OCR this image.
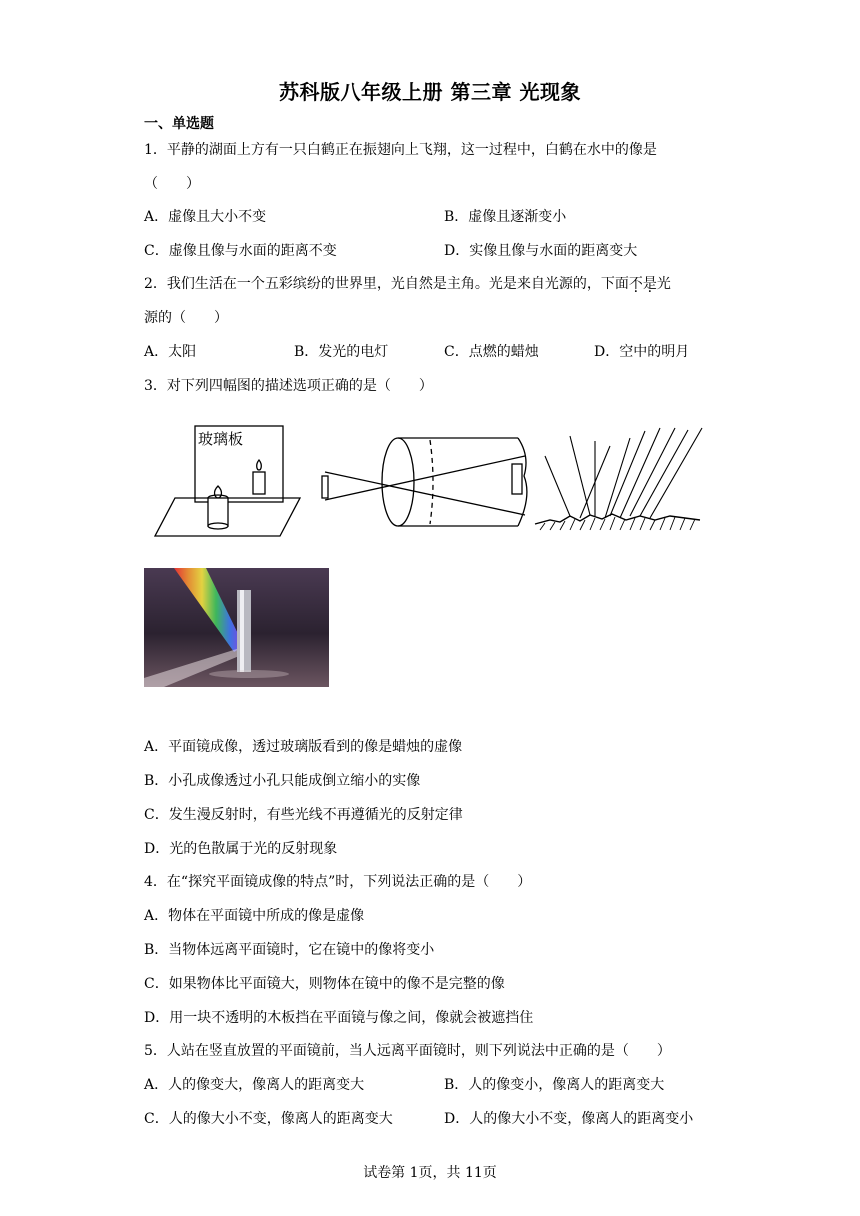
苏科版八年级上册 第三章 光现象
一、单选题
1．平静的湖面上方有一只白鹤正在振翅向上飞翔，这一过程中，白鹤在水中的像是
（　　）
A．虚像且大小不变	B．虚像且逐渐变小
C．虚像且像与水面的距离不变	D．实像且像与水面的距离变大
2．我们生活在一个五彩缤纷的世界里，光自然是主角。光是来自光源的，下面不是光
源的（　　）
A．太阳	B．发光的电灯	C．点燃的蜡烛	D．空中的明月
3．对下列四幅图的描述选项正确的是（　　）
玻璃板
A．平面镜成像，透过玻璃版看到的像是蜡烛的虚像
B．小孔成像透过小孔只能成倒立缩小的实像
C．发生漫反射时，有些光线不再遵循光的反射定律
D．光的色散属于光的反射现象
4．在“探究平面镜成像的特点”时，下列说法正确的是（　　）
A．物体在平面镜中所成的像是虚像
B．当物体远离平面镜时，它在镜中的像将变小
C．如果物体比平面镜大，则物体在镜中的像不是完整的像
D．用一块不透明的木板挡在平面镜与像之间，像就会被遮挡住
5．人站在竖直放置的平面镜前，当人远离平面镜时，则下列说法中正确的是（　　）
A．人的像变大，像离人的距离变大	B．人的像变小，像离人的距离变大
C．人的像大小不变，像离人的距离变大	D．人的像大小不变，像离人的距离变小
试卷第 1页，共 11页
